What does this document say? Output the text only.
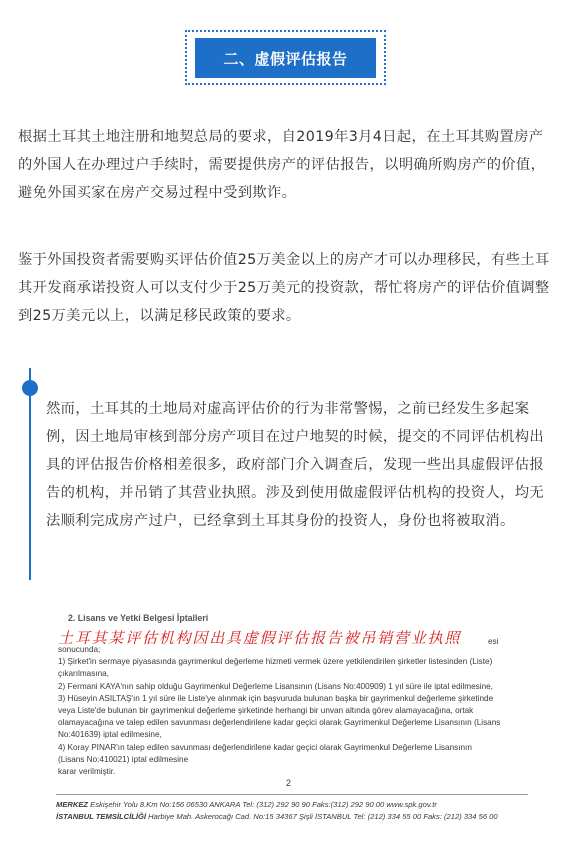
二、虚假评估报告

根据土耳其土地注册和地契总局的要求，自2019年3月4日起，在土耳其购置房产的外国人在办理过户手续时，需要提供房产的评估报告，以明确所购房产的价值，避免外国买家在房产交易过程中受到欺诈。

鉴于外国投资者需要购买评估价值25万美金以上的房产才可以办理移民，有些土耳其开发商承诺投资人可以支付少于25万美元的投资款，帮忙将房产的评估价值调整到25万美元以上，以满足移民政策的要求。

然而，土耳其的土地局对虚高评估价的行为非常警惕，之前已经发生多起案例，因土地局审核到部分房产项目在过户地契的时候，提交的不同评估机构出具的评估报告价格相差很多，政府部门介入调查后，发现一些出具虚假评估报告的机构，并吊销了其营业执照。涉及到使用做虚假评估机构的投资人，均无法顺利完成房产过户，已经拿到土耳其身份的投资人，身份也将被取消。

2. Lisans ve Yetki Belgesi İptalleri
土耳其某评估机构因出具虚假评估报告被吊销营业执照	esi
sonucunda;
1) Şirket'in sermaye piyasasında gayrimenkul değerleme hizmeti vermek üzere yetkilendirilen şirketler listesinden (Liste)
çıkarılmasına,
2) Fermani KAYA'nın sahip olduğu Gayrimenkul Değerleme Lisansının (Lisans No:400909) 1 yıl süre ile iptal edilmesine,
3) Hüseyin ASILTAŞ'ın 1 yıl süre ile Liste'ye alınmak için başvuruda bulunan başka bir gayrimenkul değerleme şirketinde
veya Liste'de bulunan bir gayrimenkul değerleme şirketinde herhangi bir unvan altında görev alamayacağına, ortak
olamayacağına ve talep edilen savunması değerlendirilene kadar geçici olarak Gayrimenkul Değerleme Lisansının (Lisans
No:401639) iptal edilmesine,
4) Koray PINAR'ın talep edilen savunması değerlendirilene kadar geçici olarak Gayrimenkul Değerleme Lisansının
(Lisans No:410021) iptal edilmesine
karar verilmiştir.
2
MERKEZ Eskişehir Yolu 8.Km No:156 06530 ANKARA Tel: (312) 292 90 90 Faks:(312) 292 90 00 www.spk.gov.tr
İSTANBUL TEMSİLCİLİĞİ Harbiye Mah. Askerocağı Cad. No:15 34367 Şişli İSTANBUL Tel: (212) 334 55 00 Faks: (212) 334 56 00
